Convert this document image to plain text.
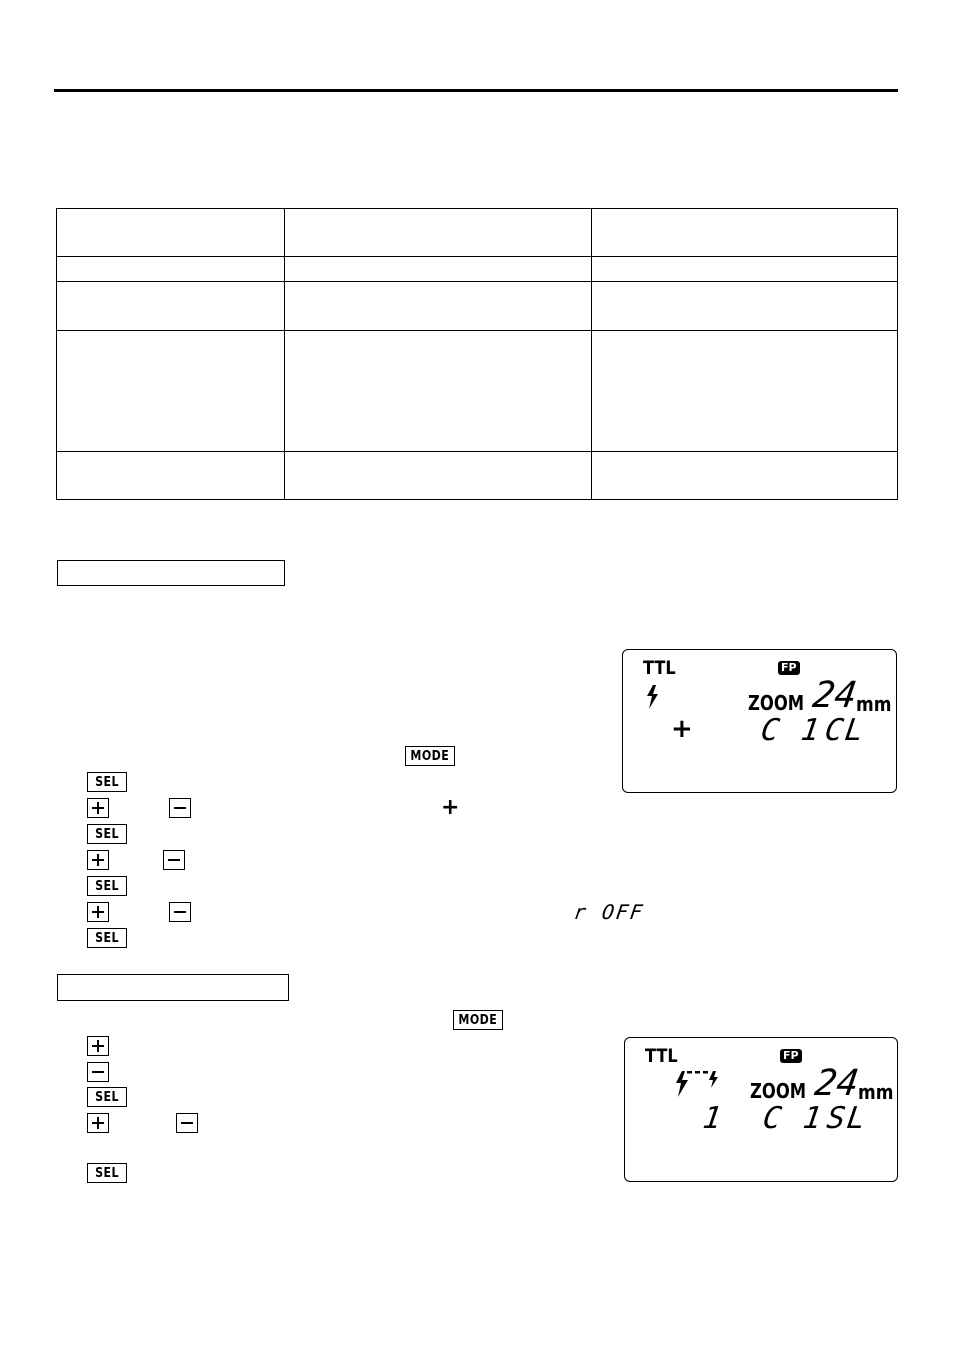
MODE
SEL
+
SEL
SEL
r OFF
SEL
MODE
SEL
SEL
TTL	FP
ZOOM 24
mm
+ C 1
CL
TTL	FP
ZOOM 24
mm
1 C 1
SL
